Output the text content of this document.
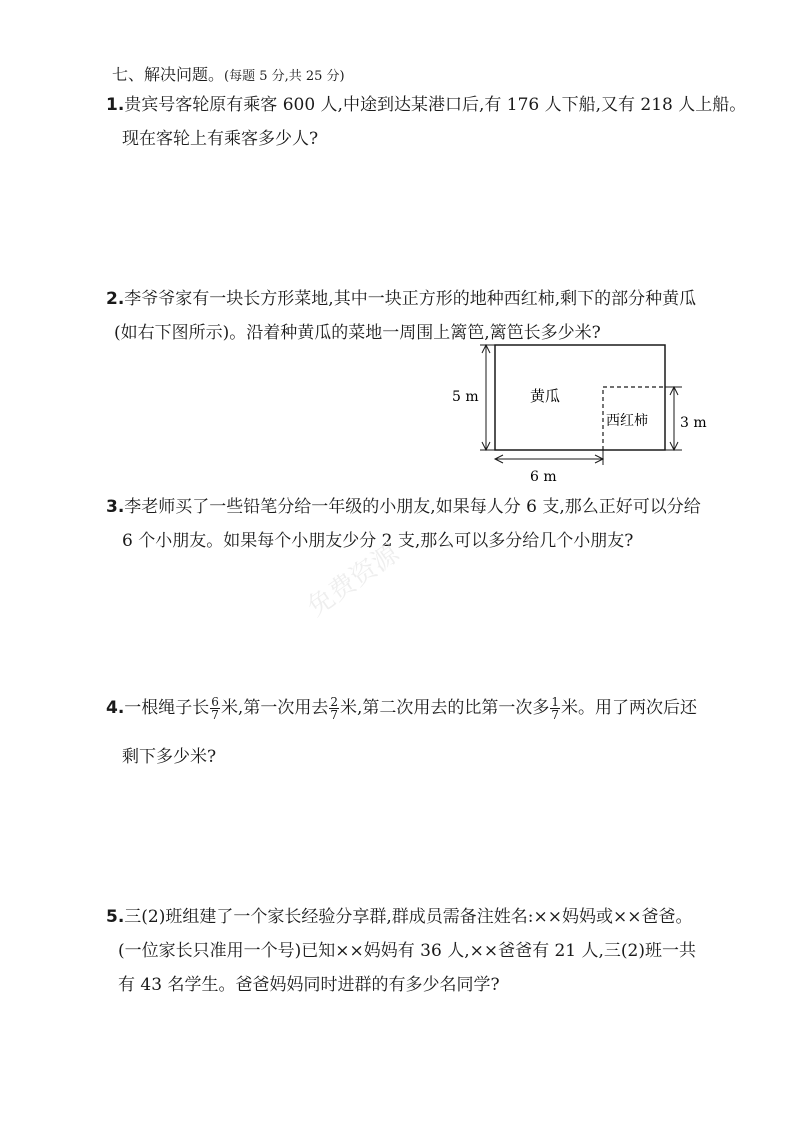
七、解决问题。(每题 5 分,共 25 分)
1.贵宾号客轮原有乘客 600 人,中途到达某港口后,有 176 人下船,又有 218 人上船。
现在客轮上有乘客多少人?
2.李爷爷家有一块长方形菜地,其中一块正方形的地种西红柿,剩下的部分种黄瓜
(如右下图所示)。沿着种黄瓜的菜地一周围上篱笆,篱笆长多少米?
黄瓜
西红柿
5 m
3 m
6 m
3.李老师买了一些铅笔分给一年级的小朋友,如果每人分 6 支,那么正好可以分给
6 个小朋友。如果每个小朋友少分 2 支,那么可以多分给几个小朋友?
免费资源
4.一根绳子长 $\frac{6}{7}$ 米,第一次用去 $\frac{2}{7}$ 米,第二次用去的比第一次多 $\frac{1}{7}$ 米。用了两次后还
剩下多少米?
5.三(2)班组建了一个家长经验分享群,群成员需备注姓名:××妈妈或××爸爸。
(一位家长只准用一个号)已知××妈妈有 36 人,××爸爸有 21 人,三(2)班一共
有 43 名学生。爸爸妈妈同时进群的有多少名同学?
